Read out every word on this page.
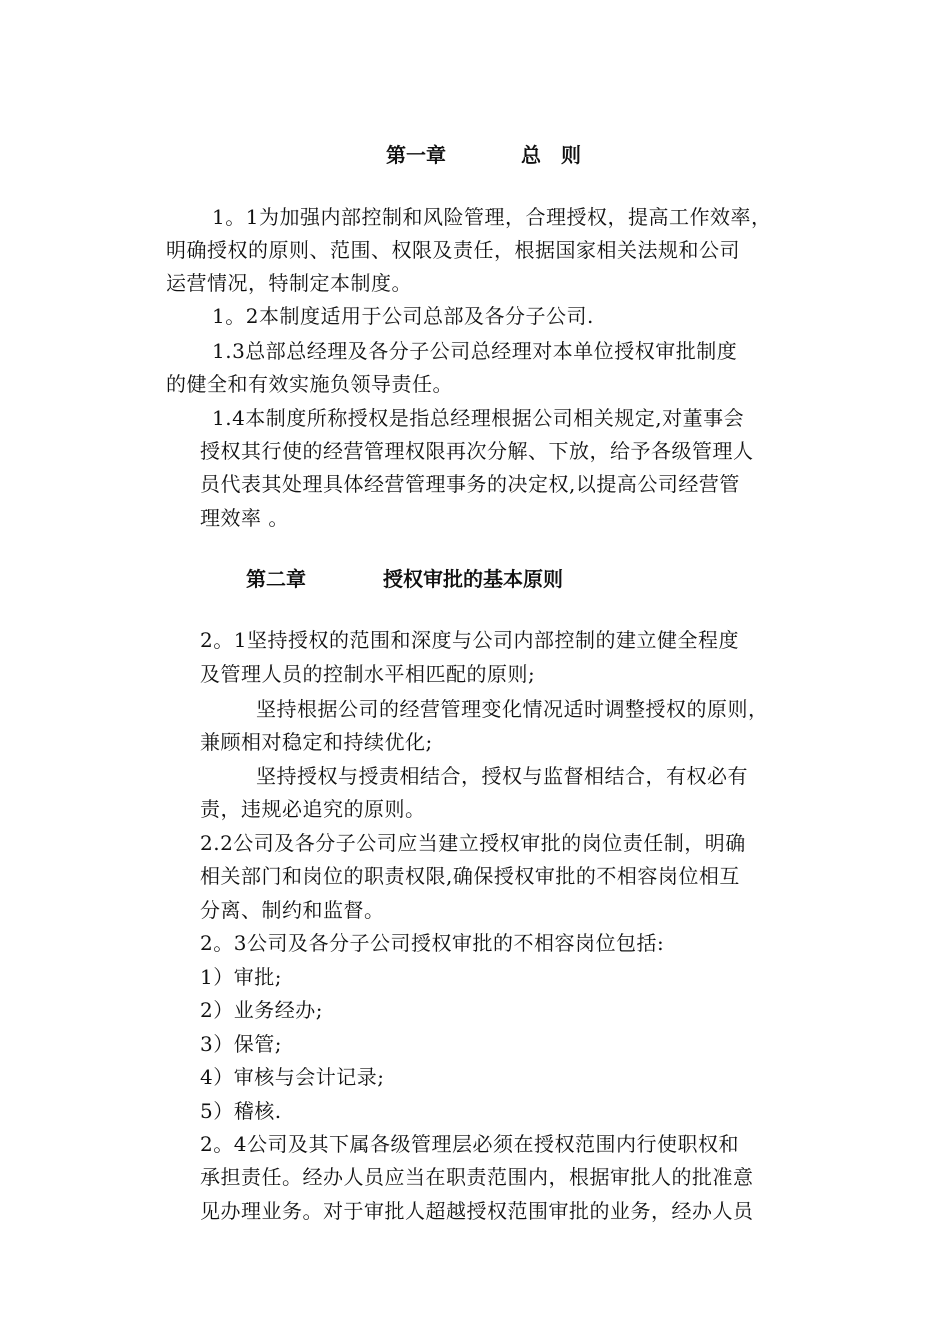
第一章	总　则
1。1为加强内部控制和风险管理，合理授权，提高工作效率，
明确授权的原则、范围、权限及责任，根据国家相关法规和公司
运营情况，特制定本制度。
1。2本制度适用于公司总部及各分子公司.
1.3总部总经理及各分子公司总经理对本单位授权审批制度
的健全和有效实施负领导责任。
1.4本制度所称授权是指总经理根据公司相关规定,对董事会
授权其行使的经营管理权限再次分解、下放，给予各级管理人
员代表其处理具体经营管理事务的决定权,以提高公司经营管
理效率 。
第二章	授权审批的基本原则
2。1坚持授权的范围和深度与公司内部控制的建立健全程度
及管理人员的控制水平相匹配的原则;
坚持根据公司的经营管理变化情况适时调整授权的原则，
兼顾相对稳定和持续优化;
坚持授权与授责相结合，授权与监督相结合，有权必有
责，违规必追究的原则。
2.2公司及各分子公司应当建立授权审批的岗位责任制，明确
相关部门和岗位的职责权限,确保授权审批的不相容岗位相互
分离、制约和监督。
2。3公司及各分子公司授权审批的不相容岗位包括:
1）审批;
2）业务经办;
3）保管;
4）审核与会计记录;
5）稽核.
2。4公司及其下属各级管理层必须在授权范围内行使职权和
承担责任。经办人员应当在职责范围内，根据审批人的批准意
见办理业务。对于审批人超越授权范围审批的业务，经办人员
